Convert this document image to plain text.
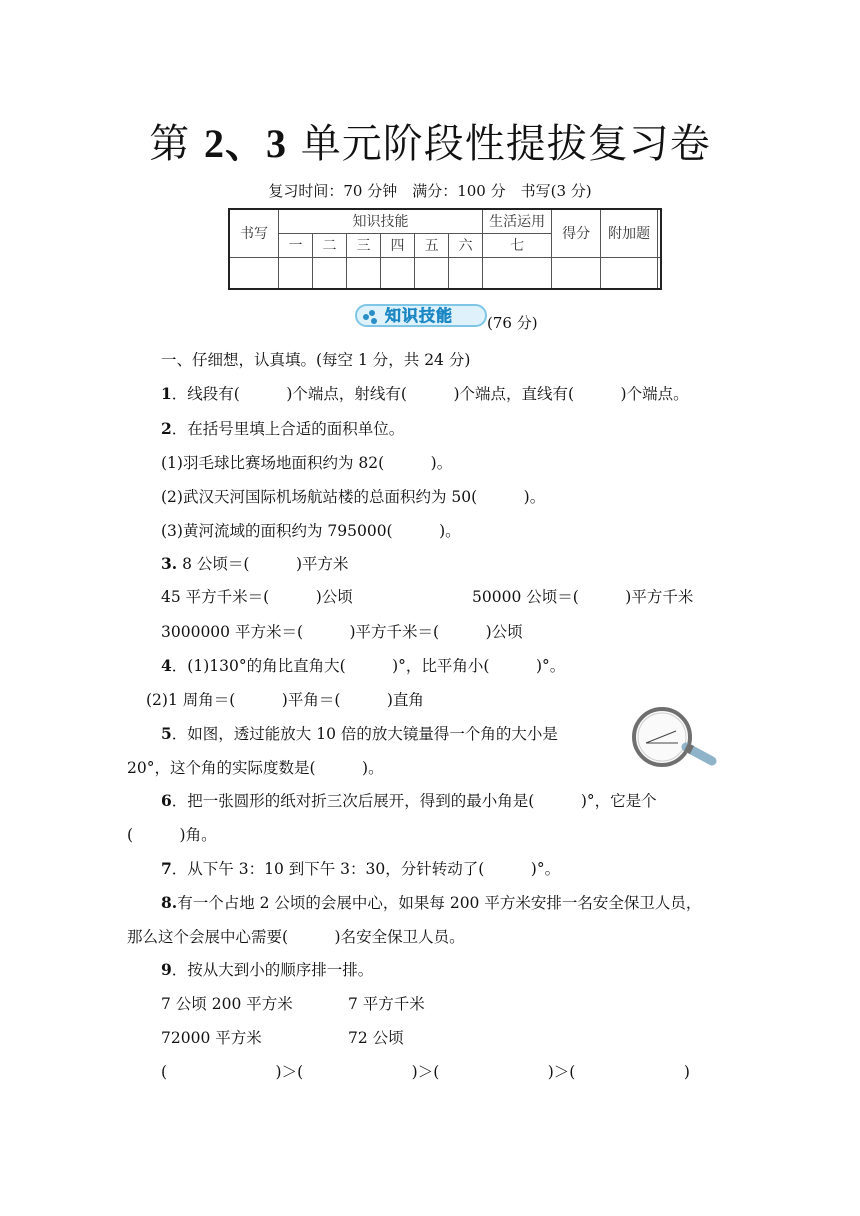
第 2、3 单元阶段性提拔复习卷
复习时间：70 分钟　满分：100 分　书写(3 分)
书写	知识技能						生活运用	得分	附加题	
	一	二	三	四	五	六	七			

知识技能 (76 分)
一、仔细想，认真填。(每空 1 分，共 24 分)
1．线段有(　　　)个端点，射线有(　　　)个端点，直线有(　　　)个端点。
2．在括号里填上合适的面积单位。
(1)羽毛球比赛场地面积约为 82(　　　)。
(2)武汉天河国际机场航站楼的总面积约为 50(　　　)。
(3)黄河流域的面积约为 795000(　　　)。
3. 8 公顷＝(　　　)平方米
45 平方千米＝(　　　)公顷	50000 公顷＝(　　　)平方千米
3000000 平方米＝(　　　)平方千米＝(　　　)公顷
4．(1)130°的角比直角大(　　　)°，比平角小(　　　)°。
(2)1 周角＝(　　　)平角＝(　　　)直角
5．如图，透过能放大 10 倍的放大镜量得一个角的大小是
20°，这个角的实际度数是(　　　)。
6．把一张圆形的纸对折三次后展开，得到的最小角是(　　　)°，它是个
(　　　)角。
7．从下午 3：10 到下午 3：30，分针转动了(　　　)°。
8.有一个占地 2 公顷的会展中心，如果每 200 平方米安排一名安全保卫人员，
那么这个会展中心需要(　　　)名安全保卫人员。
9．按从大到小的顺序排一排。
7 公顷 200 平方米	7 平方千米
72000 平方米	72 公顷
(　　　　　　　)＞(　　　　　　　)＞(　　　　　　　)＞(　　　　　　　)
